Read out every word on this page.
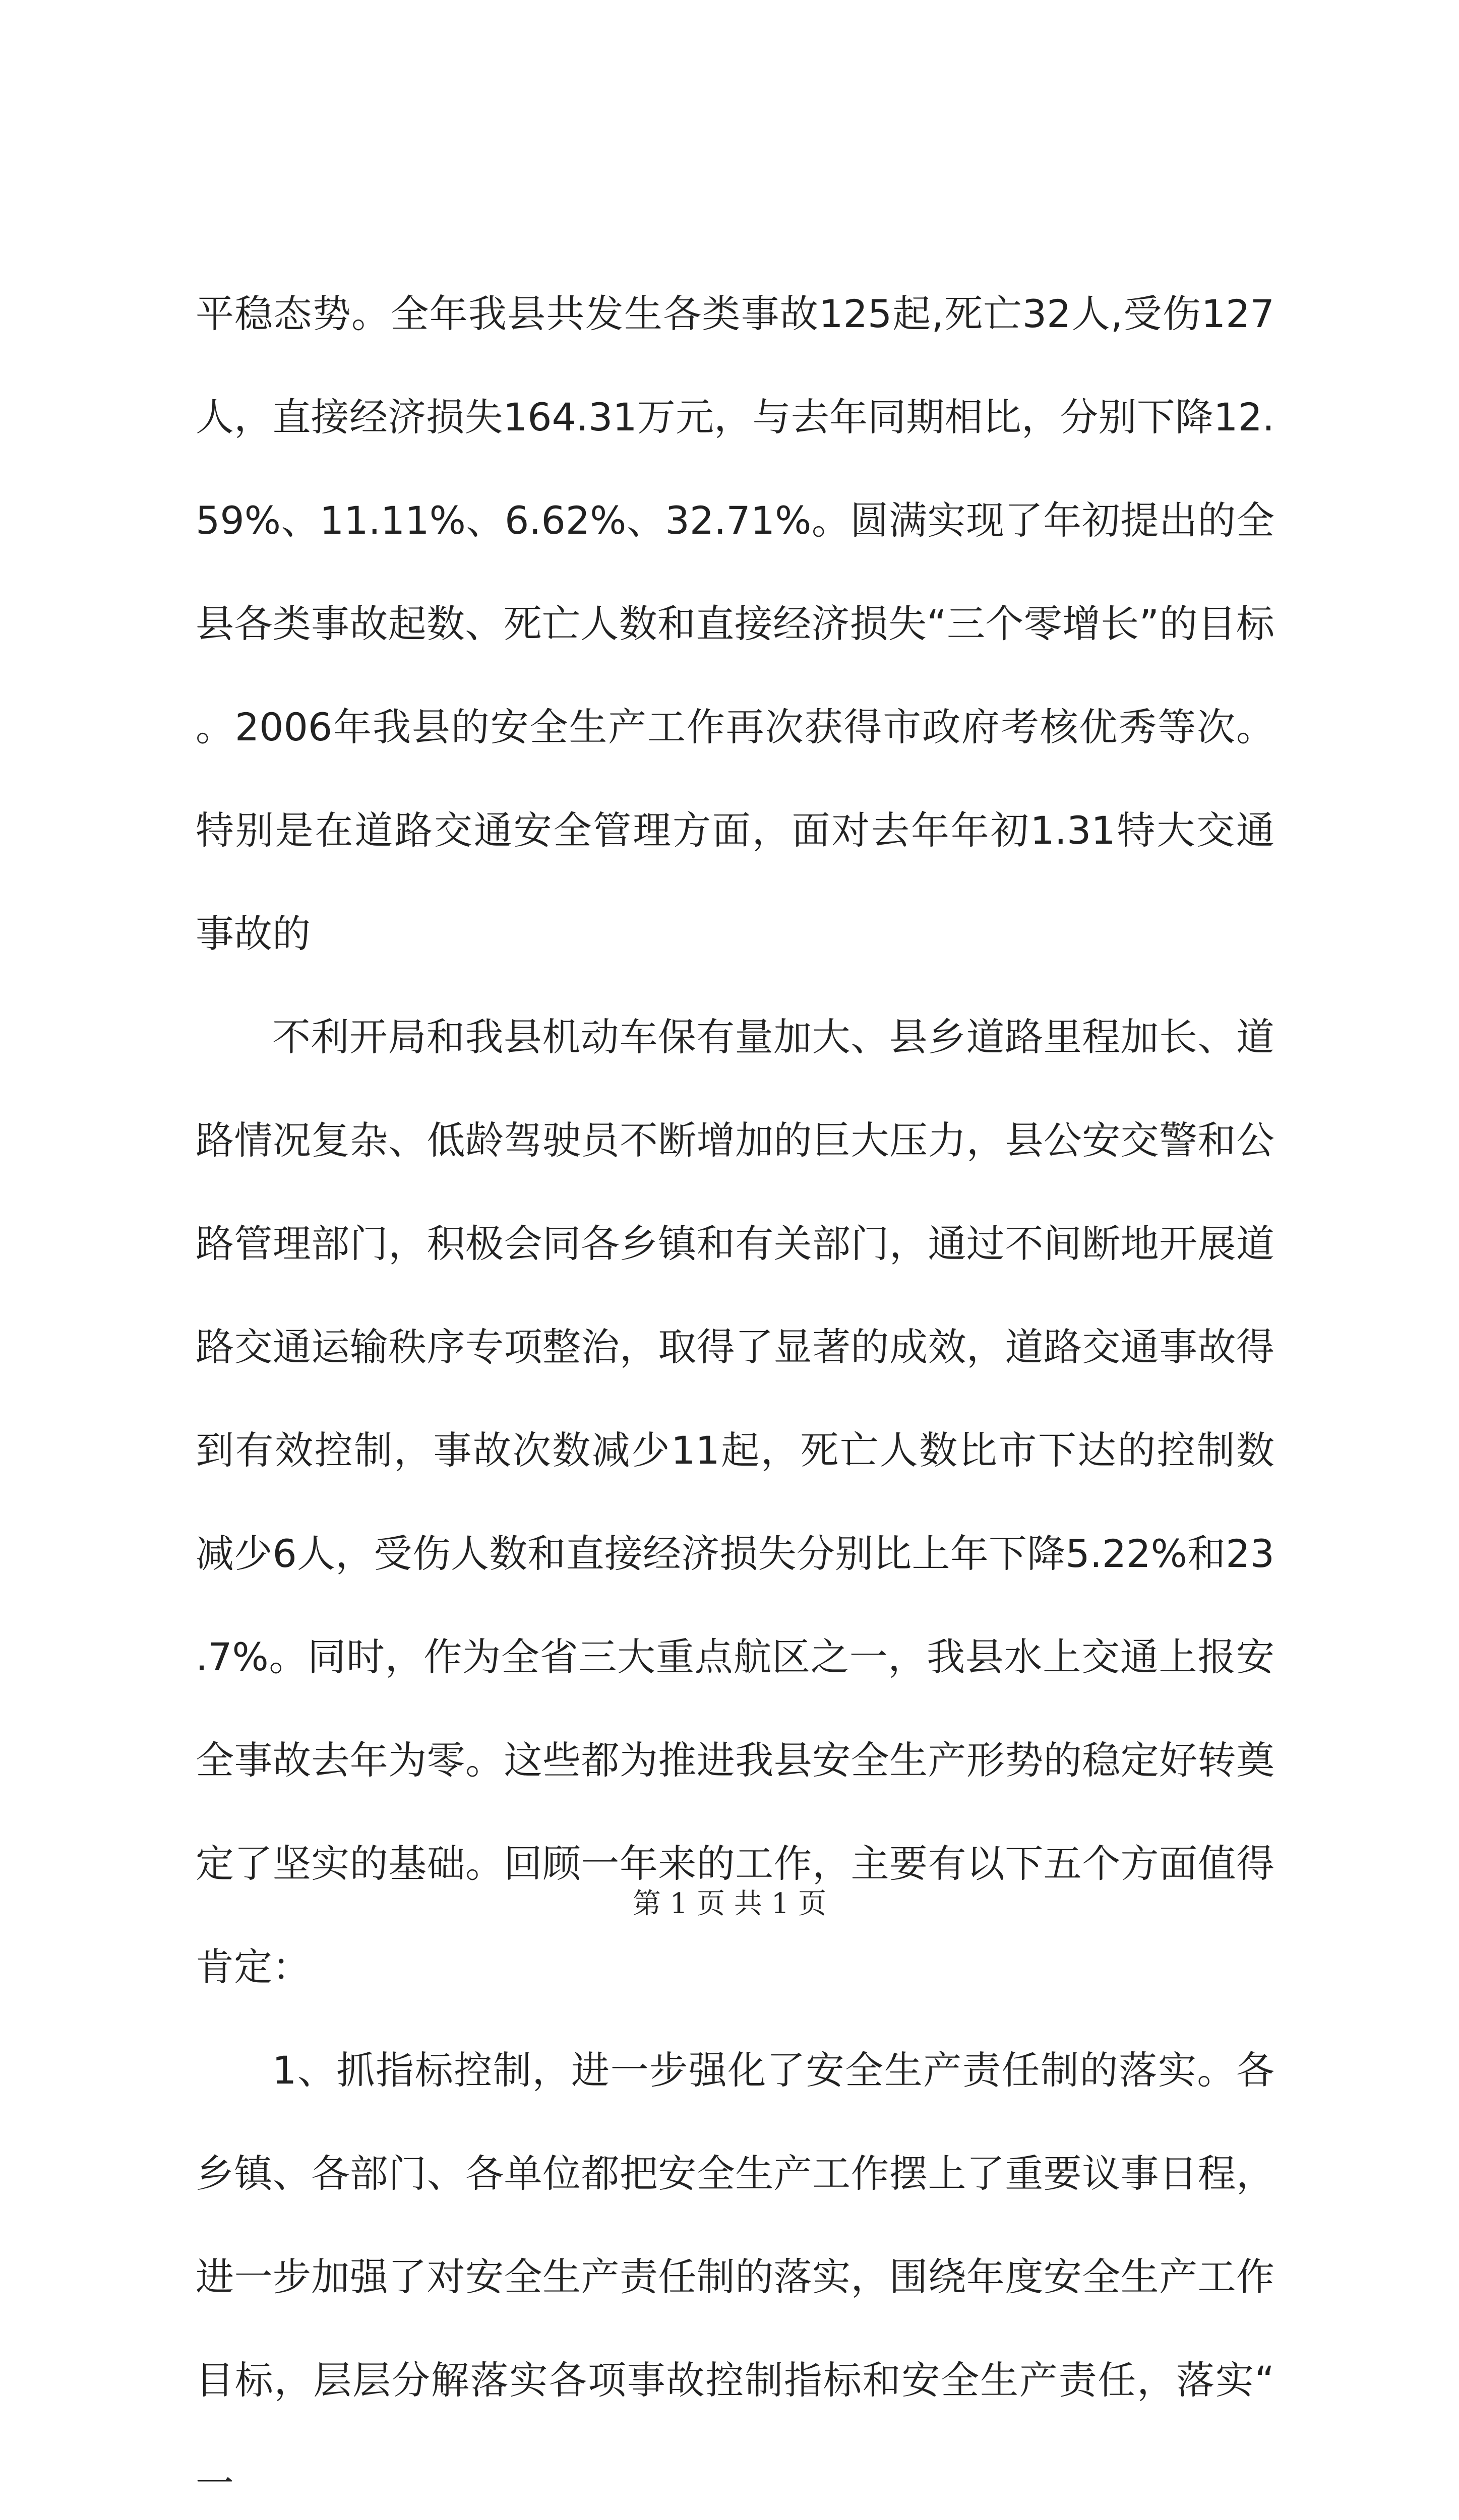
平稳态势。全年我县共发生各类事故125起,死亡32人,受伤127人，直接经济损失164.31万元，与去年同期相比，分别下降12.59%、11.11%、6.62%、32.71%。圆满实现了年初提出的全县各类事故起数、死亡人数和直接经济损失“三个零增长”的目标。2006年我县的安全生产工作再次获得市政府考核优秀等次。特别是在道路交通安全管理方面，面对去年年初1.31特大交通事故的

不利开局和我县机动车保有量加大、县乡道路里程加长、道路情况复杂、低龄驾驶员不断增加的巨大压力，县公安交警和公路管理部门，积极会同各乡镇和有关部门，通过不间断地开展道路交通运输秩序专项整治，取得了显著的成效，道路交通事故得到有效控制，事故次数减少11起，死亡人数比市下达的控制数减少6人，受伤人数和直接经济损失分别比上年下降5.22%和23.7%。同时，作为全省三大重点航区之一，我县水上交通上报安全事故去年为零。这些都为推进我县安全生产形势的稳定好转奠定了坚实的基础。回顾一年来的工作，主要有以下五个方面值得肯定：

1、抓指标控制，进一步强化了安全生产责任制的落实。各乡镇、各部门、各单位都把安全生产工作摆上了重要议事日程，进一步加强了对安全生产责任制的落实，围绕年度安全生产工作目标，层层分解落实各项事故控制指标和安全生产责任，落实“一

第 1 页 共 1 页
